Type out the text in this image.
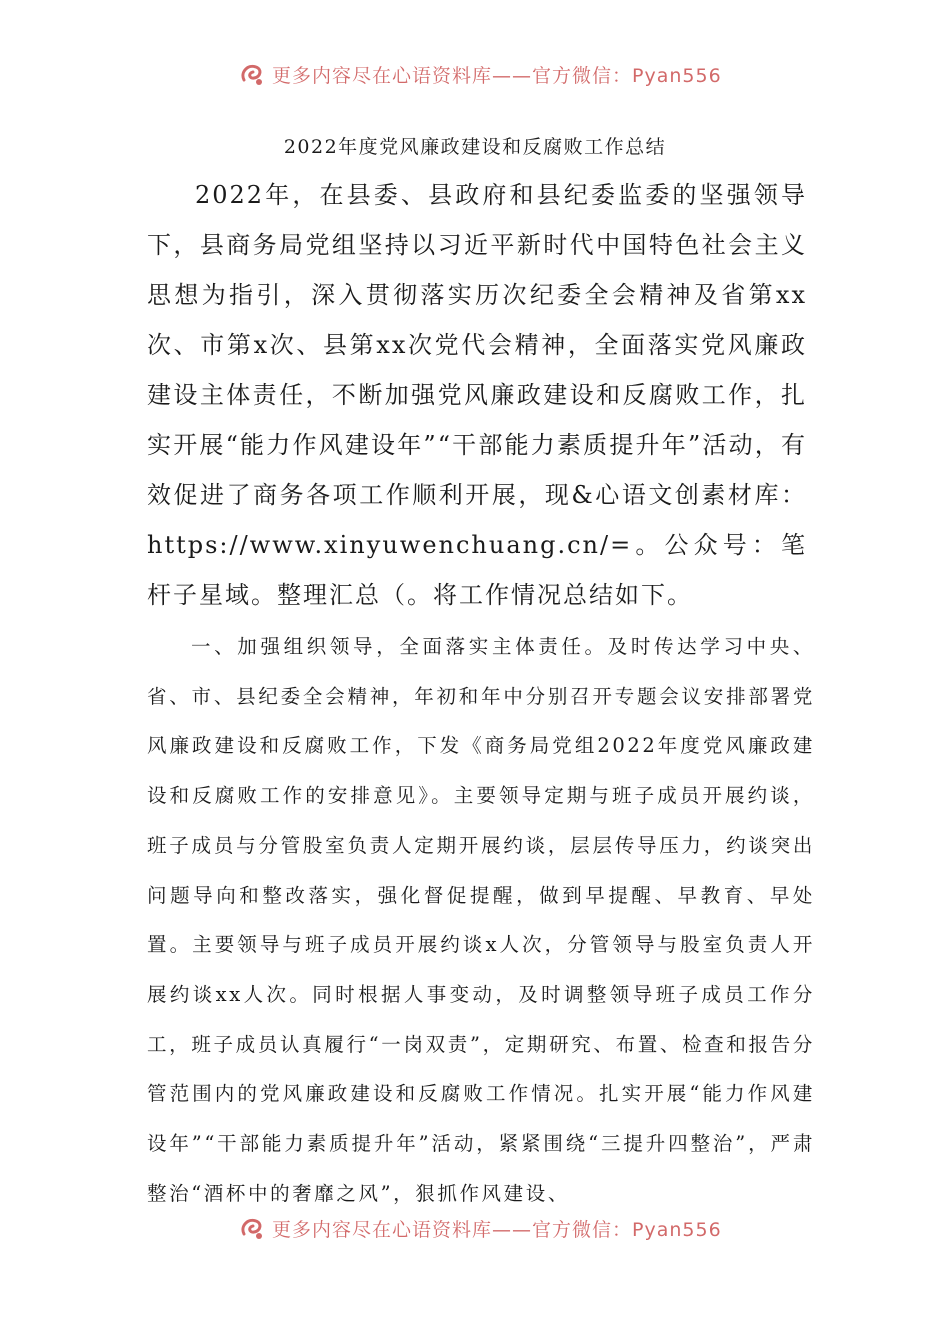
更多内容尽在心语资料库——官方微信：Pyan556
2022年度党风廉政建设和反腐败工作总结

2022年，在县委、县政府和县纪委监委的坚强领导下，县商务局党组坚持以习近平新时代中国特色社会主义思想为指引，深入贯彻落实历次纪委全会精神及省第xx次、市第x次、县第xx次党代会精神，全面落实党风廉政建设主体责任，不断加强党风廉政建设和反腐败工作，扎实开展“能力作风建设年”“干部能力素质提升年”活动，有效促进了商务各项工作顺利开展，现&心语文创素材库：https://www.xinyuwenchuang.cn/=。公众号：笔杆子星域。整理汇总（。将工作情况总结如下。

一、加强组织领导，全面落实主体责任。及时传达学习中央、省、市、县纪委全会精神，年初和年中分别召开专题会议安排部署党风廉政建设和反腐败工作，下发《商务局党组2022年度党风廉政建设和反腐败工作的安排意见》。主要领导定期与班子成员开展约谈，班子成员与分管股室负责人定期开展约谈，层层传导压力，约谈突出问题导向和整改落实，强化督促提醒，做到早提醒、早教育、早处置。主要领导与班子成员开展约谈x人次，分管领导与股室负责人开展约谈xx人次。同时根据人事变动，及时调整领导班子成员工作分工，班子成员认真履行“一岗双责”，定期研究、布置、检查和报告分管范围内的党风廉政建设和反腐败工作情况。扎实开展“能力作风建设年”“干部能力素质提升年”活动，紧紧围绕“三提升四整治”，严肃整治“酒杯中的奢靡之风”，狠抓作风建设、

更多内容尽在心语资料库——官方微信：Pyan556
